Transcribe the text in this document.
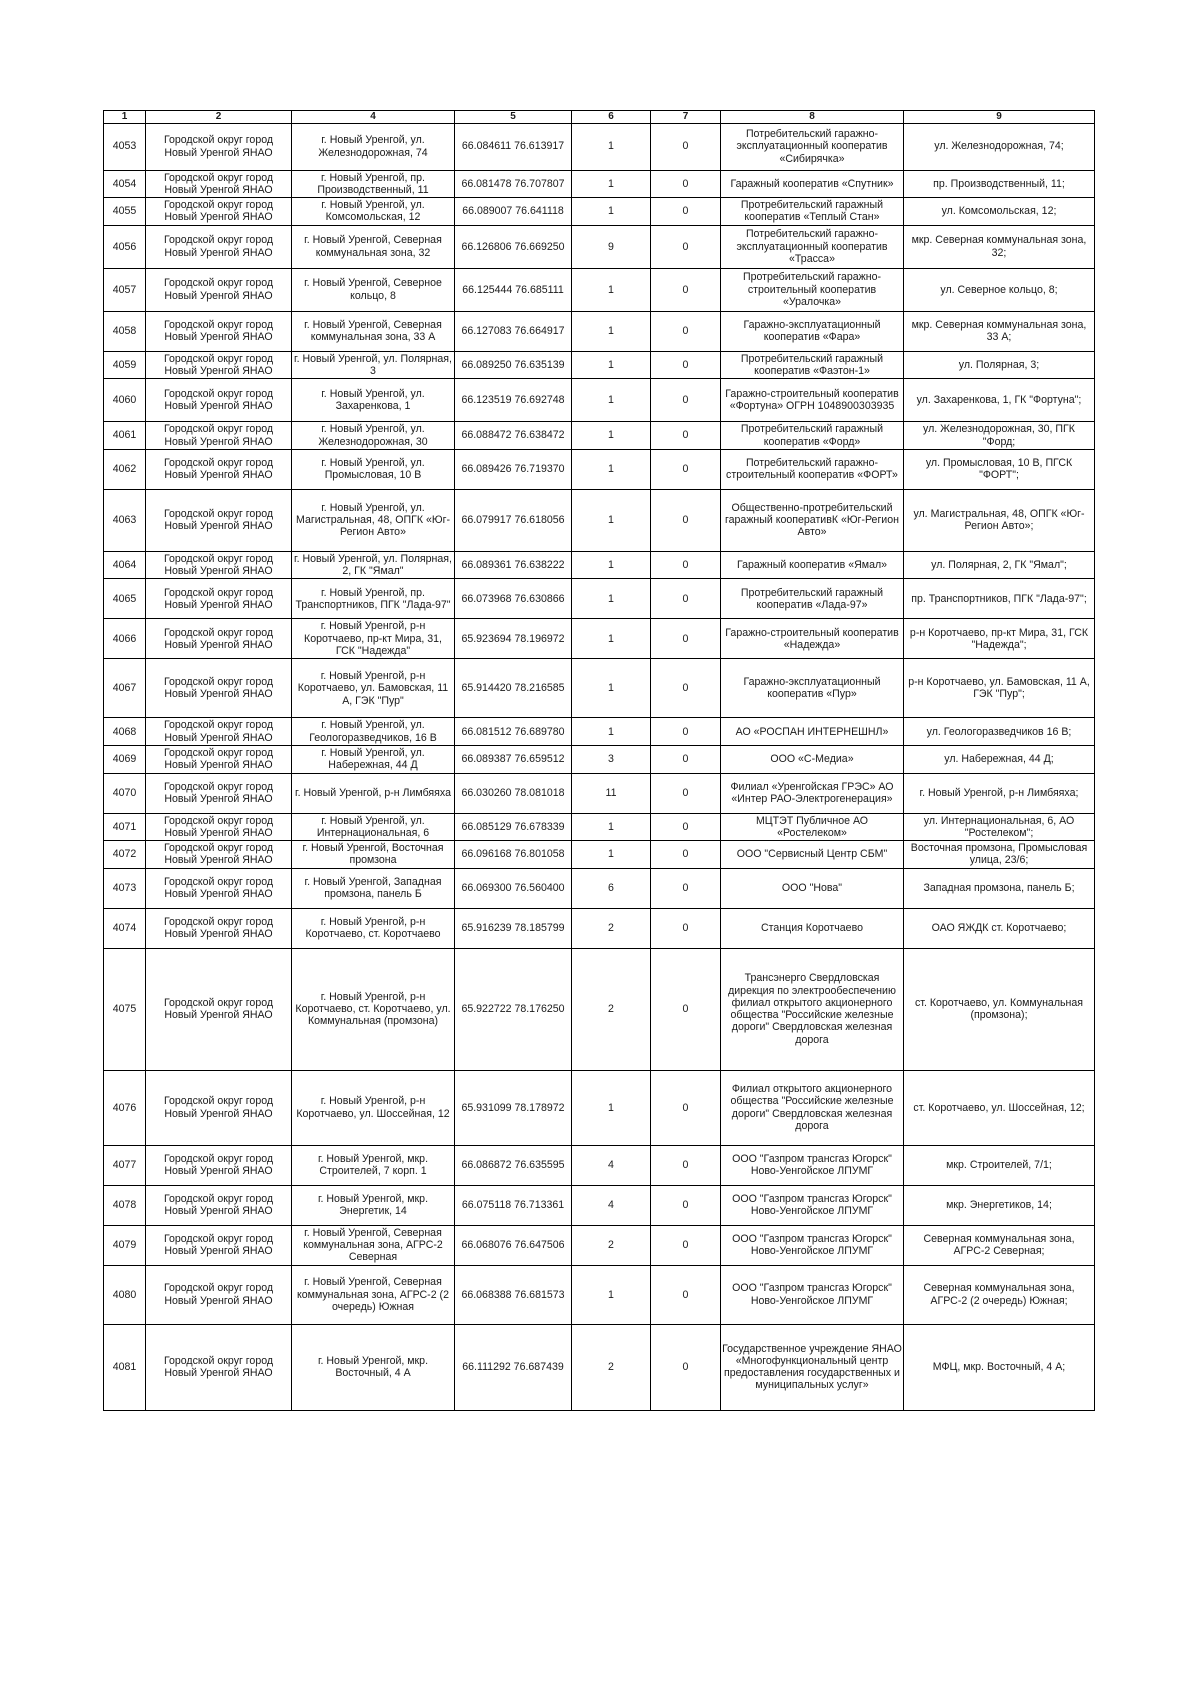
1	2	4	5	6	7	8	9
4053	Городской округ город Новый Уренгой ЯНАО	г. Новый Уренгой, ул. Железнодорожная, 74	66.084611 76.613917	1	0	Потребительский гаражно-эксплуатационный кооператив «Сибирячка»	ул. Железнодорожная, 74;
4054	Городской округ город Новый Уренгой ЯНАО	г. Новый Уренгой, пр. Производственный, 11	66.081478 76.707807	1	0	Гаражный кооператив «Спутник»	пр. Производственный, 11;
4055	Городской округ город Новый Уренгой ЯНАО	г. Новый Уренгой, ул. Комсомольская, 12	66.089007 76.641118	1	0	Протребительский гаражный кооператив «Теплый Стан»	ул. Комсомольская, 12;
4056	Городской округ город Новый Уренгой ЯНАО	г. Новый Уренгой, Северная коммунальная зона, 32	66.126806 76.669250	9	0	Потребительский гаражно-эксплуатационный кооператив «Трасса»	мкр. Северная коммунальная зона, 32;
4057	Городской округ город Новый Уренгой ЯНАО	г. Новый Уренгой, Северное кольцо, 8	66.125444 76.685111	1	0	Протребительский гаражно-строительный кооператив «Уралочка»	ул. Северное кольцо, 8;
4058	Городской округ город Новый Уренгой ЯНАО	г. Новый Уренгой, Северная коммунальная зона, 33 А	66.127083 76.664917	1	0	Гаражно-эксплуатационный кооператив «Фара»	мкр. Северная коммунальная зона, 33 А;
4059	Городской округ город Новый Уренгой ЯНАО	г. Новый Уренгой, ул. Полярная, 3	66.089250 76.635139	1	0	Протребительский гаражный кооператив «Фаэтон-1»	ул. Полярная, 3;
4060	Городской округ город Новый Уренгой ЯНАО	г. Новый Уренгой, ул. Захаренкова, 1	66.123519 76.692748	1	0	Гаражно-строительный кооператив «Фортуна» ОГРН 1048900303935	ул. Захаренкова, 1, ГК "Фортуна";
4061	Городской округ город Новый Уренгой ЯНАО	г. Новый Уренгой, ул. Железнодорожная, 30	66.088472 76.638472	1	0	Протребительский гаражный кооператив «Форд»	ул. Железнодорожная, 30, ПГК "Форд;
4062	Городской округ город Новый Уренгой ЯНАО	г. Новый Уренгой, ул. Промысловая, 10 В	66.089426 76.719370	1	0	Потребительский гаражно-строительный кооператив «ФОРТ»	ул. Промысловая, 10 В, ПГСК "ФОРТ";
4063	Городской округ город Новый Уренгой ЯНАО	г. Новый Уренгой, ул. Магистральная, 48, ОПГК «Юг-Регион Авто»	66.079917 76.618056	1	0	Общественно-протребительский гаражный кооперативК «Юг-Регион Авто»	ул. Магистральная, 48, ОПГК «Юг-Регион Авто»;
4064	Городской округ город Новый Уренгой ЯНАО	г. Новый Уренгой, ул. Полярная, 2, ГК "Ямал"	66.089361 76.638222	1	0	Гаражный кооператив «Ямал»	ул. Полярная, 2, ГК "Ямал";
4065	Городской округ город Новый Уренгой ЯНАО	г. Новый Уренгой, пр. Транспортников, ПГК "Лада-97"	66.073968 76.630866	1	0	Протребительский гаражный кооператив «Лада-97»	пр. Транспортников, ПГК "Лада-97";
4066	Городской округ город Новый Уренгой ЯНАО	г. Новый Уренгой, р-н Коротчаево, пр-кт Мира, 31, ГСК "Надежда"	65.923694 78.196972	1	0	Гаражно-строительный кооператив «Надежда»	р-н Коротчаево, пр-кт Мира, 31, ГСК "Надежда";
4067	Городской округ город Новый Уренгой ЯНАО	г. Новый Уренгой, р-н Коротчаево, ул. Бамовская, 11 А, ГЭК "Пур"	65.914420 78.216585	1	0	Гаражно-эксплуатационный кооператив «Пур»	р-н Коротчаево, ул. Бамовская, 11 А, ГЭК "Пур";
4068	Городской округ город Новый Уренгой ЯНАО	г. Новый Уренгой, ул. Геологоразведчиков, 16 В	66.081512 76.689780	1	0	АО «РОСПАН ИНТЕРНЕШНЛ»	ул. Геологоразведчиков 16 В;
4069	Городской округ город Новый Уренгой ЯНАО	г. Новый Уренгой, ул. Набережная, 44 Д	66.089387 76.659512	3	0	ООО «С-Медиа»	ул. Набережная, 44 Д;
4070	Городской округ город Новый Уренгой ЯНАО	г. Новый Уренгой, р-н Лимбяяха	66.030260 78.081018	11	0	Филиал «Уренгойская ГРЭС» АО «Интер РАО-Электрогенерация»	г. Новый Уренгой, р-н Лимбяяха;
4071	Городской округ город Новый Уренгой ЯНАО	г. Новый Уренгой, ул. Интернациональная, 6	66.085129 76.678339	1	0	МЦТЭТ Публичное АО «Ростелеком»	ул. Интернациональная, 6, АО "Ростелеком";
4072	Городской округ город Новый Уренгой ЯНАО	г. Новый Уренгой, Восточная промзона	66.096168 76.801058	1	0	ООО "Сервисный Центр СБМ"	Восточная промзона, Промысловая улица, 23/6;
4073	Городской округ город Новый Уренгой ЯНАО	г. Новый Уренгой, Западная промзона, панель Б	66.069300 76.560400	6	0	ООО "Нова"	Западная промзона, панель Б;
4074	Городской округ город Новый Уренгой ЯНАО	г. Новый Уренгой, р-н Коротчаево, ст. Коротчаево	65.916239 78.185799	2	0	Станция Коротчаево	ОАО ЯЖДК ст. Коротчаево;
4075	Городской округ город Новый Уренгой ЯНАО	г. Новый Уренгой, р-н Коротчаево, ст. Коротчаево, ул. Коммунальная (промзона)	65.922722 78.176250	2	0	Трансэнерго Свердловская дирекция по электрообеспечению филиал открытого акционерного общества "Российские железные дороги" Свердловская железная дорога	ст. Коротчаево, ул. Коммунальная (промзона);
4076	Городской округ город Новый Уренгой ЯНАО	г. Новый Уренгой, р-н Коротчаево, ул. Шоссейная, 12	65.931099 78.178972	1	0	Филиал открытого акционерного общества "Российские железные дороги" Свердловская железная дорога	ст. Коротчаево, ул. Шоссейная, 12;
4077	Городской округ город Новый Уренгой ЯНАО	г. Новый Уренгой, мкр. Строителей, 7 корп. 1	66.086872 76.635595	4	0	ООО "Газпром трансгаз Югорск" Ново-Уенгойское ЛПУМГ	мкр. Строителей, 7/1;
4078	Городской округ город Новый Уренгой ЯНАО	г. Новый Уренгой, мкр. Энергетик, 14	66.075118 76.713361	4	0	ООО "Газпром трансгаз Югорск" Ново-Уенгойское ЛПУМГ	мкр. Энергетиков, 14;
4079	Городской округ город Новый Уренгой ЯНАО	г. Новый Уренгой, Северная коммунальная зона, АГРС-2 Северная	66.068076 76.647506	2	0	ООО "Газпром трансгаз Югорск" Ново-Уенгойское ЛПУМГ	Северная коммунальная зона, АГРС-2 Северная;
4080	Городской округ город Новый Уренгой ЯНАО	г. Новый Уренгой, Северная коммунальная зона, АГРС-2 (2 очередь) Южная	66.068388 76.681573	1	0	ООО "Газпром трансгаз Югорск" Ново-Уенгойское ЛПУМГ	Северная коммунальная зона, АГРС-2 (2 очередь) Южная;
4081	Городской округ город Новый Уренгой ЯНАО	г. Новый Уренгой, мкр. Восточный, 4 А	66.111292 76.687439	2	0	Государственное учреждение ЯНАО «Многофункциональный центр предоставления государственных и муниципальных услуг»	МФЦ, мкр. Восточный, 4 А;
